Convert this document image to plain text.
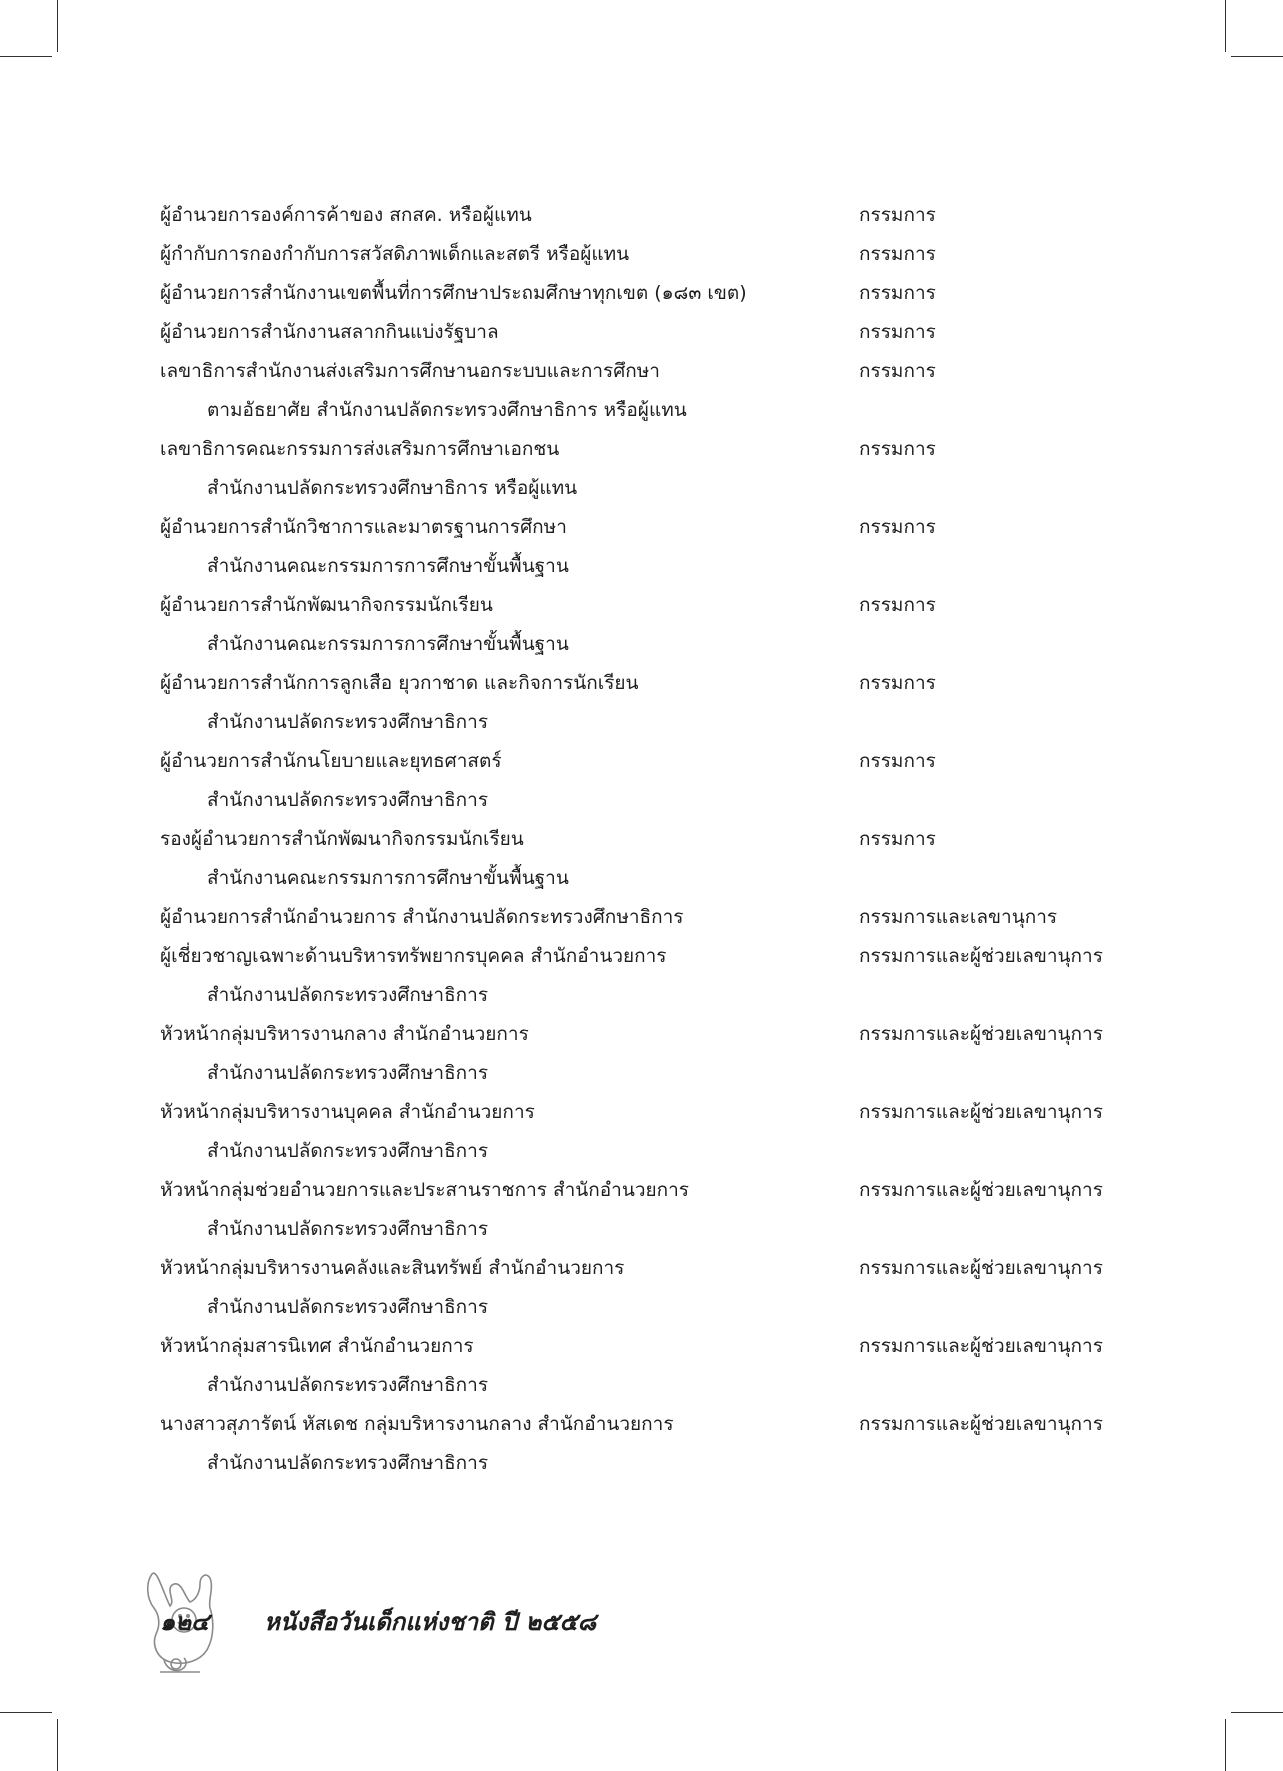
ผู้อำนวยการองค์การค้าของ สกสค. หรือผู้แทน	กรรมการ
ผู้กำกับการกองกำกับการสวัสดิภาพเด็กและสตรี หรือผู้แทน	กรรมการ
ผู้อำนวยการสำนักงานเขตพื้นที่การศึกษาประถมศึกษาทุกเขต (๑๘๓ เขต)	กรรมการ
ผู้อำนวยการสำนักงานสลากกินแบ่งรัฐบาล	กรรมการ
เลขาธิการสำนักงานส่งเสริมการศึกษานอกระบบและการศึกษา	กรรมการ
ตามอัธยาศัย สำนักงานปลัดกระทรวงศึกษาธิการ หรือผู้แทน
เลขาธิการคณะกรรมการส่งเสริมการศึกษาเอกชน	กรรมการ
สำนักงานปลัดกระทรวงศึกษาธิการ หรือผู้แทน
ผู้อำนวยการสำนักวิชาการและมาตรฐานการศึกษา	กรรมการ
สำนักงานคณะกรรมการการศึกษาขั้นพื้นฐาน
ผู้อำนวยการสำนักพัฒนากิจกรรมนักเรียน	กรรมการ
สำนักงานคณะกรรมการการศึกษาขั้นพื้นฐาน
ผู้อำนวยการสำนักการลูกเสือ ยุวกาชาด และกิจการนักเรียน	กรรมการ
สำนักงานปลัดกระทรวงศึกษาธิการ
ผู้อำนวยการสำนักนโยบายและยุทธศาสตร์	กรรมการ
สำนักงานปลัดกระทรวงศึกษาธิการ
รองผู้อำนวยการสำนักพัฒนากิจกรรมนักเรียน	กรรมการ
สำนักงานคณะกรรมการการศึกษาขั้นพื้นฐาน
ผู้อำนวยการสำนักอำนวยการ สำนักงานปลัดกระทรวงศึกษาธิการ	กรรมการและเลขานุการ
ผู้เชี่ยวชาญเฉพาะด้านบริหารทรัพยากรบุคคล สำนักอำนวยการ	กรรมการและผู้ช่วยเลขานุการ
สำนักงานปลัดกระทรวงศึกษาธิการ
หัวหน้ากลุ่มบริหารงานกลาง สำนักอำนวยการ	กรรมการและผู้ช่วยเลขานุการ
สำนักงานปลัดกระทรวงศึกษาธิการ
หัวหน้ากลุ่มบริหารงานบุคคล สำนักอำนวยการ	กรรมการและผู้ช่วยเลขานุการ
สำนักงานปลัดกระทรวงศึกษาธิการ
หัวหน้ากลุ่มช่วยอำนวยการและประสานราชการ สำนักอำนวยการ	กรรมการและผู้ช่วยเลขานุการ
สำนักงานปลัดกระทรวงศึกษาธิการ
หัวหน้ากลุ่มบริหารงานคลังและสินทรัพย์ สำนักอำนวยการ	กรรมการและผู้ช่วยเลขานุการ
สำนักงานปลัดกระทรวงศึกษาธิการ
หัวหน้ากลุ่มสารนิเทศ สำนักอำนวยการ	กรรมการและผู้ช่วยเลขานุการ
สำนักงานปลัดกระทรวงศึกษาธิการ
นางสาวสุภารัตน์ หัสเดช กลุ่มบริหารงานกลาง สำนักอำนวยการ	กรรมการและผู้ช่วยเลขานุการ
สำนักงานปลัดกระทรวงศึกษาธิการ
๑๒๔ หนังสือวันเด็กแห่งชาติ ปี ๒๕๕๘
